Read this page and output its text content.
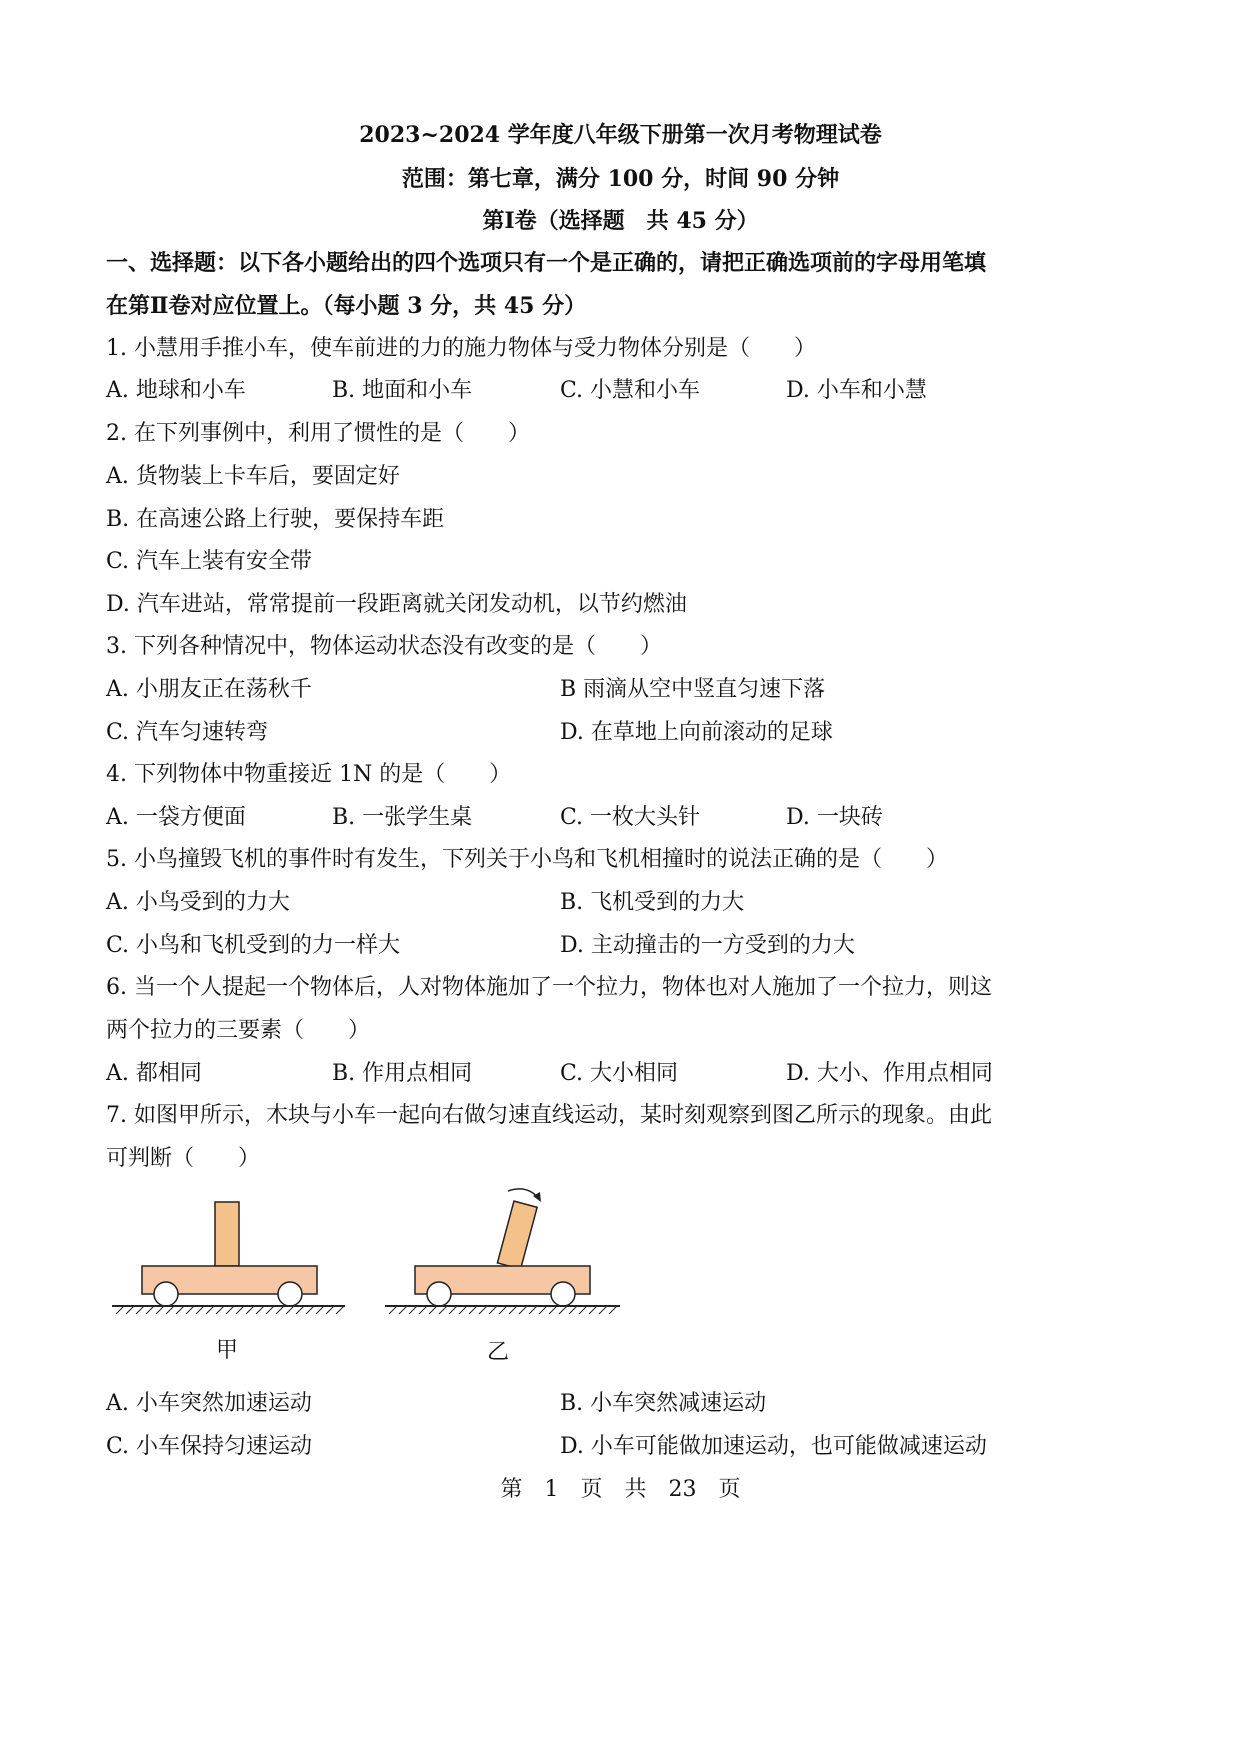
2023~2024 学年度八年级下册第一次月考物理试卷
范围：第七章，满分 100 分，时间 90 分钟
第Ⅰ卷（选择题　共 45 分）
一、选择题：以下各小题给出的四个选项只有一个是正确的，请把正确选项前的字母用笔填
在第Ⅱ卷对应位置上。（每小题 3 分，共 45 分）
1. 小慧用手推小车，使车前进的力的施力物体与受力物体分别是（　　）
A. 地球和小车	B. 地面和小车	C. 小慧和小车	D. 小车和小慧
2. 在下列事例中，利用了惯性的是（　　）
A. 货物装上卡车后，要固定好
B. 在高速公路上行驶，要保持车距
C. 汽车上装有安全带
D. 汽车进站，常常提前一段距离就关闭发动机，以节约燃油
3. 下列各种情况中，物体运动状态没有改变的是（　　）
A. 小朋友正在荡秋千	B 雨滴从空中竖直匀速下落
C. 汽车匀速转弯	D. 在草地上向前滚动的足球
4. 下列物体中物重接近 1N 的是（　　）
A. 一袋方便面	B. 一张学生桌	C. 一枚大头针	D. 一块砖
5. 小鸟撞毁飞机的事件时有发生，下列关于小鸟和飞机相撞时的说法正确的是（　　）
A. 小鸟受到的力大	B. 飞机受到的力大
C. 小鸟和飞机受到的力一样大	D. 主动撞击的一方受到的力大
6. 当一个人提起一个物体后，人对物体施加了一个拉力，物体也对人施加了一个拉力，则这
两个拉力的三要素（　　）
A. 都相同	B. 作用点相同	C. 大小相同	D. 大小、作用点相同
7. 如图甲所示，木块与小车一起向右做匀速直线运动，某时刻观察到图乙所示的现象。由此
可判断（　　）
甲	乙
A. 小车突然加速运动	B. 小车突然减速运动
C. 小车保持匀速运动	D. 小车可能做加速运动，也可能做减速运动
第　1　页　共　23　页
